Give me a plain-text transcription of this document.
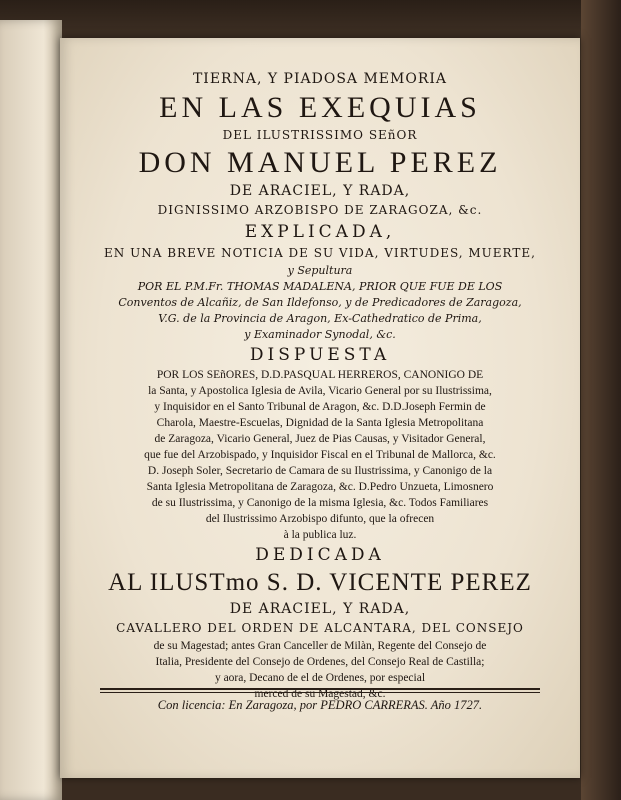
TIERNA, Y PIADOSA MEMORIA
EN LAS EXEQUIAS
DEL ILUSTRISSIMO SEñOR
DON MANUEL PEREZ
DE ARACIEL, Y RADA,
DIGNISSIMO ARZOBISPO DE ZARAGOZA, &c.
EXPLICADA,
EN UNA BREVE NOTICIA DE SU VIDA, VIRTUDES, MUERTE,
y Sepultura
POR EL P.M.Fr. THOMAS MADALENA, PRIOR QUE FUE DE LOS
Conventos de Alcañiz, de San Ildefonso, y de Predicadores de Zaragoza,
V.G. de la Provincia de Aragon, Ex-Cathedratico de Prima,
y Examinador Synodal, &c.
DISPUESTA
POR LOS SEñORES, D.D.PASQUAL HERREROS, CANONIGO DE
la Santa, y Apostolica Iglesia de Avila, Vicario General por su Ilustrissima,
y Inquisidor en el Santo Tribunal de Aragon, &c. D.D.Joseph Fermin de
Charola, Maestre-Escuelas, Dignidad de la Santa Iglesia Metropolitana
de Zaragoza, Vicario General, Juez de Pias Causas, y Visitador General,
que fue del Arzobispado, y Inquisidor Fiscal en el Tribunal de Mallorca, &c.
D. Joseph Soler, Secretario de Camara de su Ilustrissima, y Canonigo de la
Santa Iglesia Metropolitana de Zaragoza, &c. D.Pedro Unzueta, Limosnero
de su Ilustrissima, y Canonigo de la misma Iglesia, &c. Todos Familiares
del Ilustrissimo Arzobispo difunto, que la ofrecen
à la publica luz.
DEDICADA
AL ILUSTmo S. D. VICENTE PEREZ
DE ARACIEL, Y RADA,
CAVALLERO DEL ORDEN DE ALCANTARA, DEL CONSEJO
de su Magestad; antes Gran Canceller de Milàn, Regente del Consejo de
Italia, Presidente del Consejo de Ordenes, del Consejo Real de Castilla;
y aora, Decano de el de Ordenes, por especial
merced de su Magestad, &c.
Con licencia: En Zaragoza, por PEDRO CARRERAS. Año 1727.
